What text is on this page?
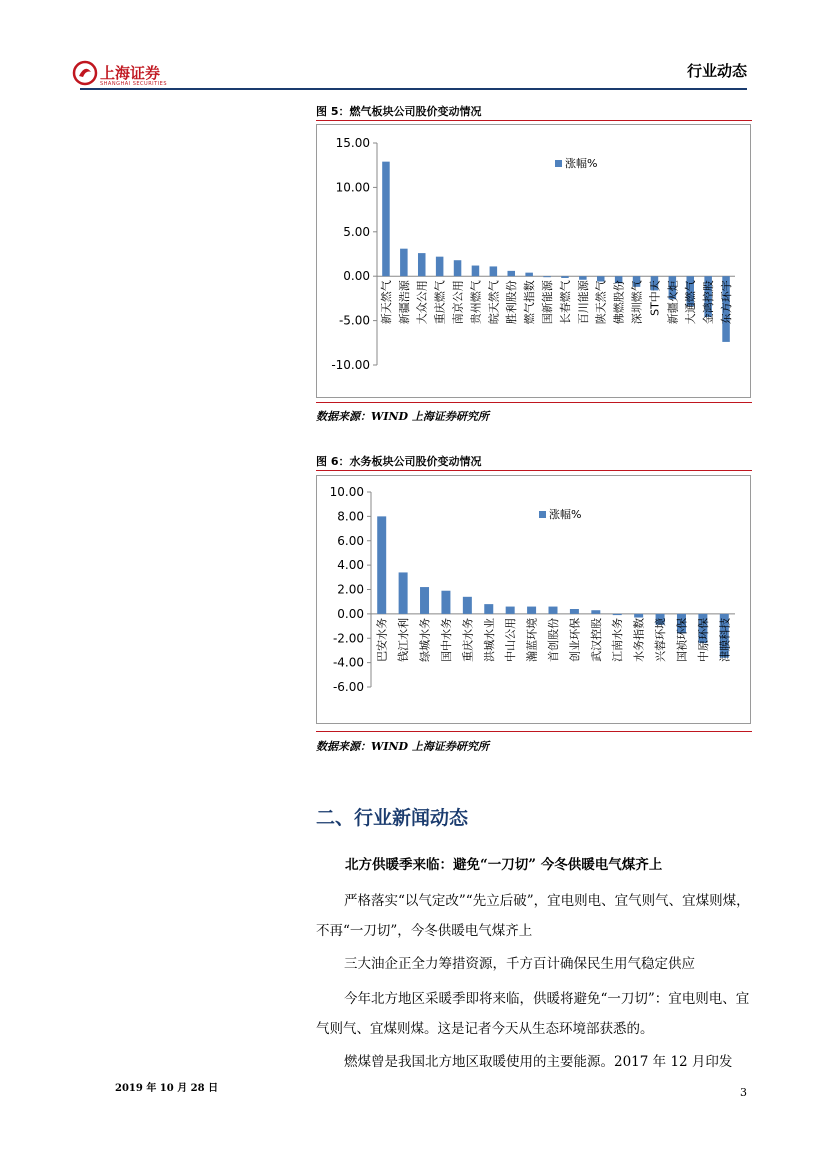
上海证券
SHANGHAI SECURITIES
行业动态
图 5：燃气板块公司股价变动情况
-10.00
-5.00
0.00
5.00
10.00
15.00
新天然气 新疆浩源 大众公用 重庆燃气 南京公用 贵州燃气 皖天然气 胜利股份 燃气指数 国新能源 长春燃气 百川能源 陕天然气 佛燃股份 深圳燃气 ST中天 新疆火炬 大通燃气 金鸿控股 东方环宇
涨幅%
数据来源：WIND 上海证券研究所
图 6：水务板块公司股价变动情况
-6.00
-4.00
-2.00
0.00
2.00
4.00
6.00
8.00
10.00
巴安水务 钱江水利 绿城水务 国中水务 重庆水务 洪城水业 中山公用 瀚蓝环境 首创股份 创业环保 武汉控股 江南水务 水务指数 兴蓉环境 国祯环保 中原环保 津膜科技
涨幅%
数据来源：WIND 上海证券研究所
二、行业新闻动态
北方供暖季来临：避免“一刀切” 今冬供暖电气煤齐上
严格落实“以气定改”“先立后破”，宜电则电、宜气则气、宜煤则煤，不再“一刀切”，今冬供暖电气煤齐上
三大油企正全力筹措资源，千方百计确保民生用气稳定供应
今年北方地区采暖季即将来临，供暖将避免“一刀切”：宜电则电、宜气则气、宜煤则煤。这是记者今天从生态环境部获悉的。
燃煤曾是我国北方地区取暖使用的主要能源。2017 年 12 月印发
2019 年 10 月 28 日	3
